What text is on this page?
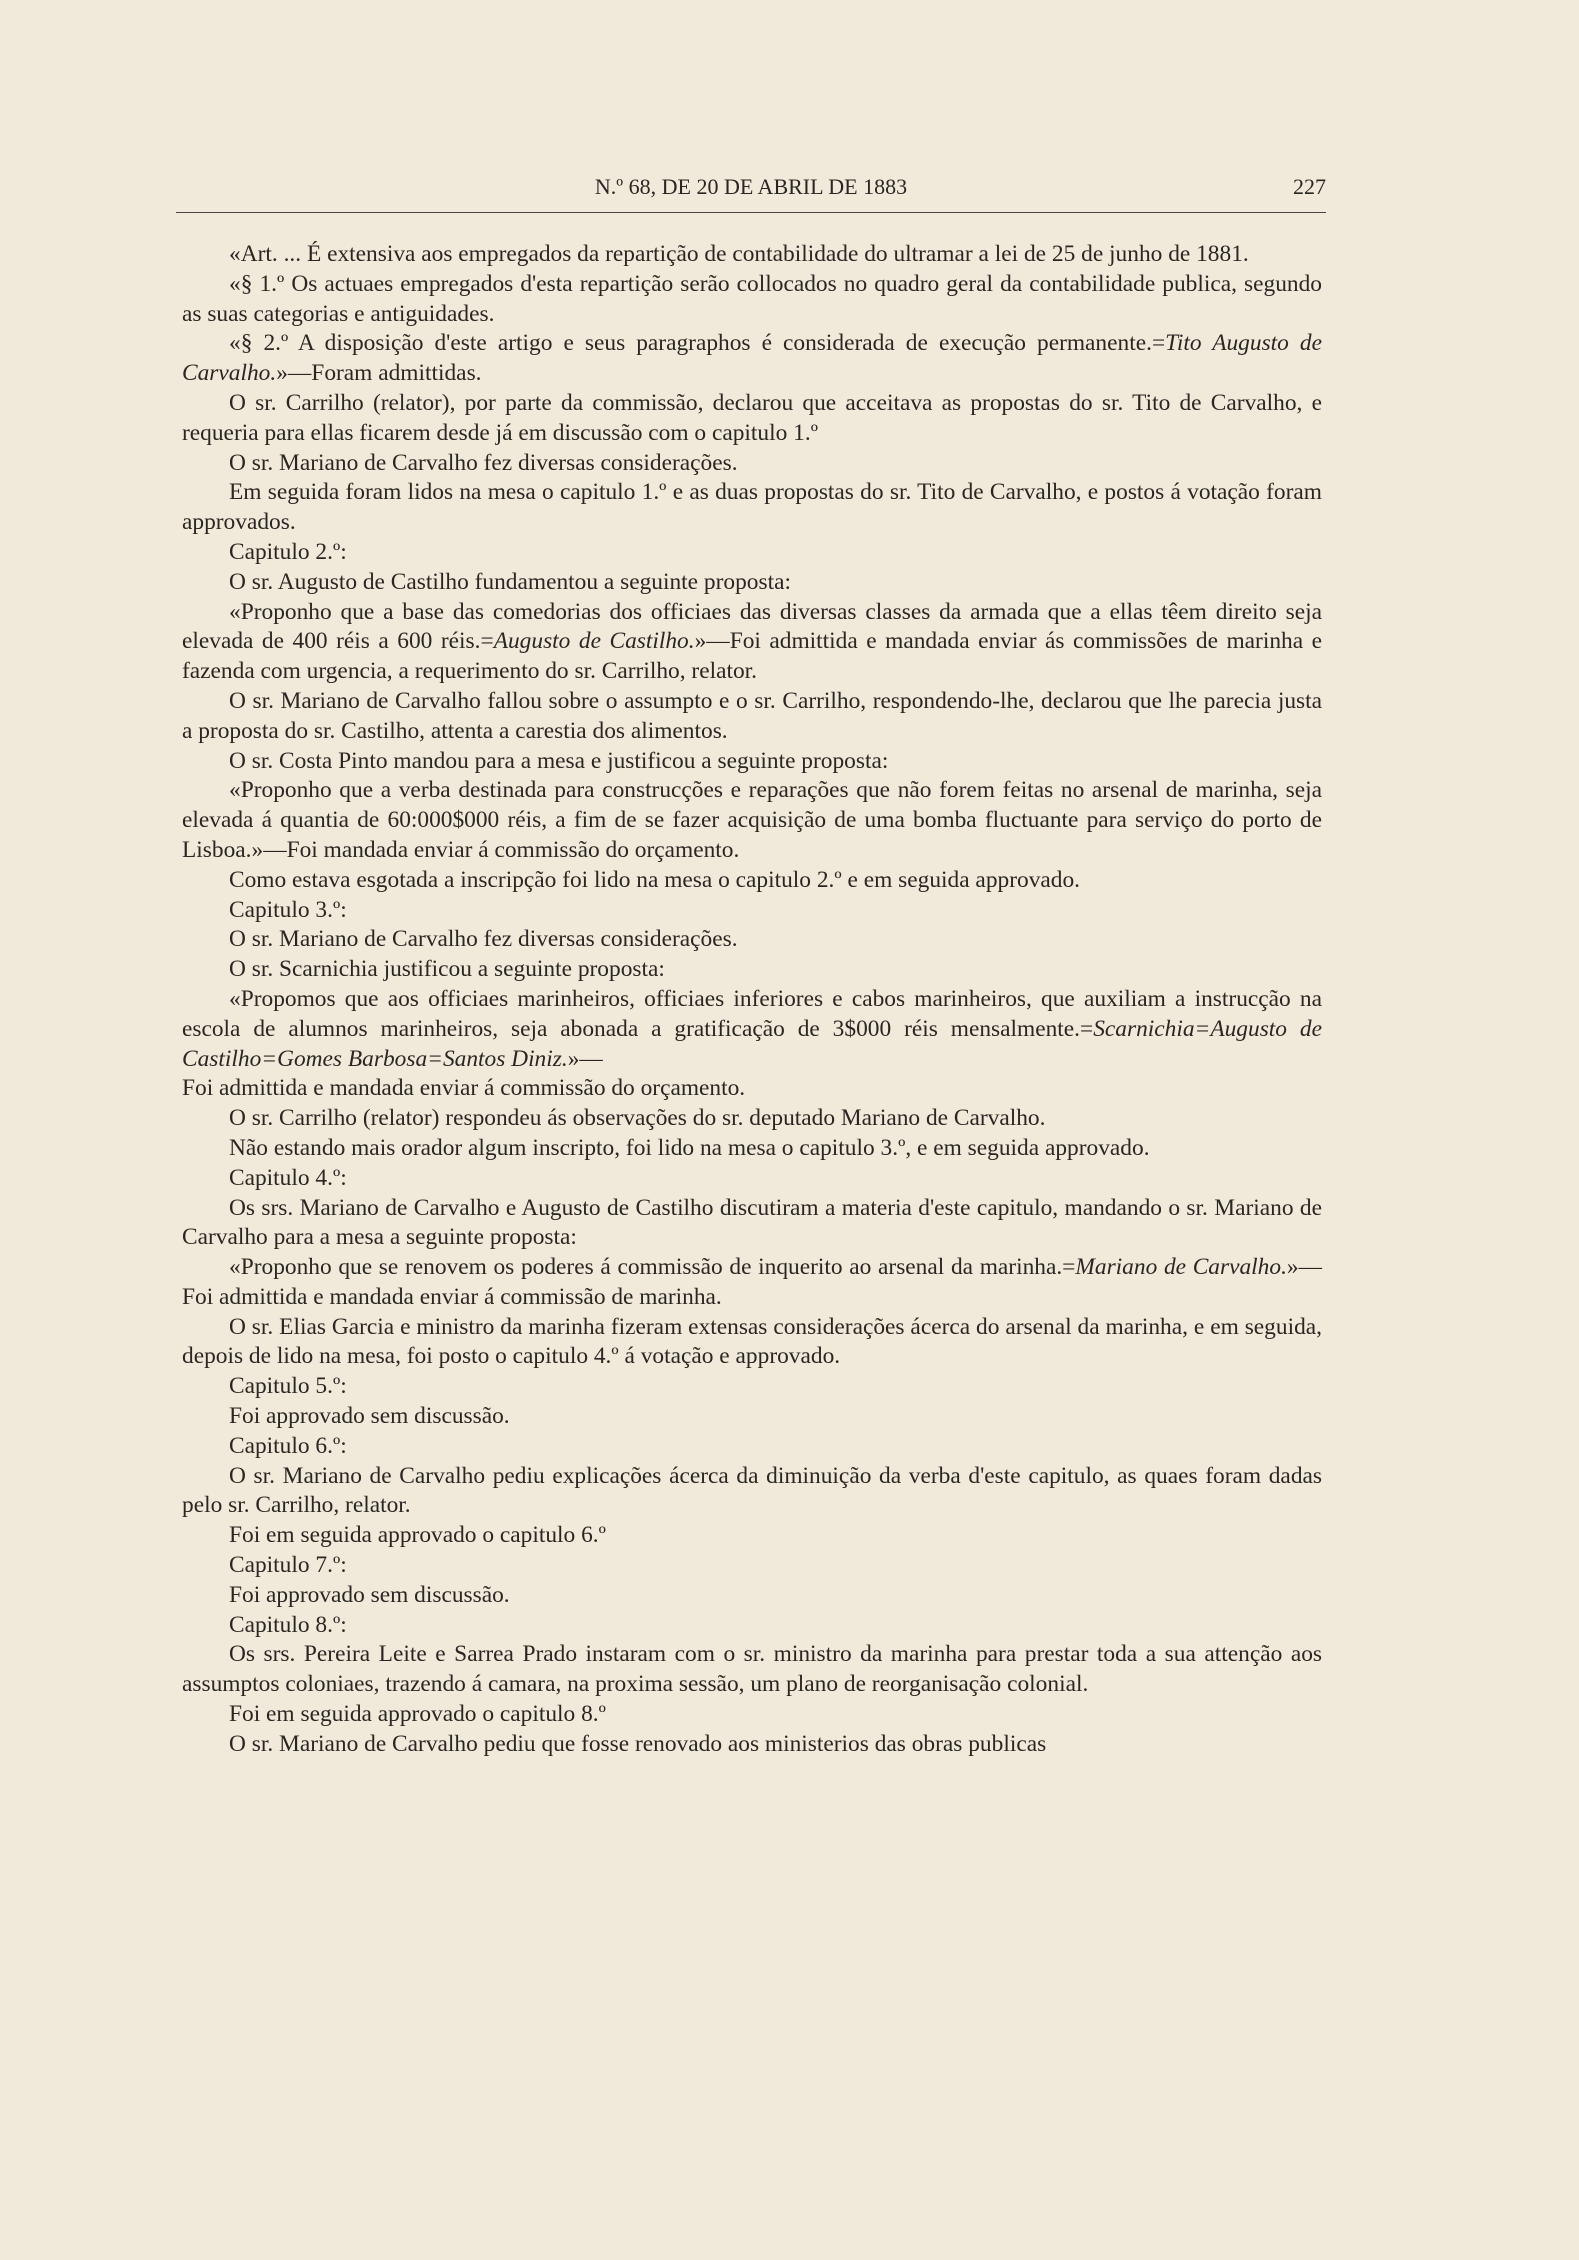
N.º 68, DE 20 DE ABRIL DE 1883	227

«Art. ... É extensiva aos empregados da repartição de contabilidade do ultramar a lei de 25 de junho de 1881.

«§ 1.º Os actuaes empregados d'esta repartição serão collocados no quadro geral da contabilidade publica, segundo as suas categorias e antiguidades.

«§ 2.º A disposição d'este artigo e seus paragraphos é considerada de execução permanente.=Tito Augusto de Carvalho.»—Foram admittidas.

O sr. Carrilho (relator), por parte da commissão, declarou que acceitava as propostas do sr. Tito de Carvalho, e requeria para ellas ficarem desde já em discussão com o capitulo 1.º

O sr. Mariano de Carvalho fez diversas considerações.

Em seguida foram lidos na mesa o capitulo 1.º e as duas propostas do sr. Tito de Carvalho, e postos á votação foram approvados.

Capitulo 2.º:

O sr. Augusto de Castilho fundamentou a seguinte proposta:

«Proponho que a base das comedorias dos officiaes das diversas classes da armada que a ellas têem direito seja elevada de 400 réis a 600 réis.=Augusto de Castilho.»—Foi admittida e mandada enviar ás commissões de marinha e fazenda com urgencia, a requerimento do sr. Carrilho, relator.

O sr. Mariano de Carvalho fallou sobre o assumpto e o sr. Carrilho, respondendo-lhe, declarou que lhe parecia justa a proposta do sr. Castilho, attenta a carestia dos alimentos.

O sr. Costa Pinto mandou para a mesa e justificou a seguinte proposta:

«Proponho que a verba destinada para construcções e reparações que não forem feitas no arsenal de marinha, seja elevada á quantia de 60:000$000 réis, a fim de se fazer acquisição de uma bomba fluctuante para serviço do porto de Lisboa.»—Foi mandada enviar á commissão do orçamento.

Como estava esgotada a inscripção foi lido na mesa o capitulo 2.º e em seguida approvado.

Capitulo 3.º:

O sr. Mariano de Carvalho fez diversas considerações.

O sr. Scarnichia justificou a seguinte proposta:

«Propomos que aos officiaes marinheiros, officiaes inferiores e cabos marinheiros, que auxiliam a instrucção na escola de alumnos marinheiros, seja abonada a gratificação de 3$000 réis mensalmente.=Scarnichia=Augusto de Castilho=Gomes Barbosa=Santos Diniz.»—

Foi admittida e mandada enviar á commissão do orçamento.

O sr. Carrilho (relator) respondeu ás observações do sr. deputado Mariano de Carvalho.

Não estando mais orador algum inscripto, foi lido na mesa o capitulo 3.º, e em seguida approvado.

Capitulo 4.º:

Os srs. Mariano de Carvalho e Augusto de Castilho discutiram a materia d'este capitulo, mandando o sr. Mariano de Carvalho para a mesa a seguinte proposta:

«Proponho que se renovem os poderes á commissão de inquerito ao arsenal da marinha.=Mariano de Carvalho.»—Foi admittida e mandada enviar á commissão de marinha.

O sr. Elias Garcia e ministro da marinha fizeram extensas considerações ácerca do arsenal da marinha, e em seguida, depois de lido na mesa, foi posto o capitulo 4.º á votação e approvado.

Capitulo 5.º:

Foi approvado sem discussão.

Capitulo 6.º:

O sr. Mariano de Carvalho pediu explicações ácerca da diminuição da verba d'este capitulo, as quaes foram dadas pelo sr. Carrilho, relator.

Foi em seguida approvado o capitulo 6.º

Capitulo 7.º:

Foi approvado sem discussão.

Capitulo 8.º:

Os srs. Pereira Leite e Sarrea Prado instaram com o sr. ministro da marinha para prestar toda a sua attenção aos assumptos coloniaes, trazendo á camara, na proxima sessão, um plano de reorganisação colonial.

Foi em seguida approvado o capitulo 8.º

O sr. Mariano de Carvalho pediu que fosse renovado aos ministerios das obras publicas
